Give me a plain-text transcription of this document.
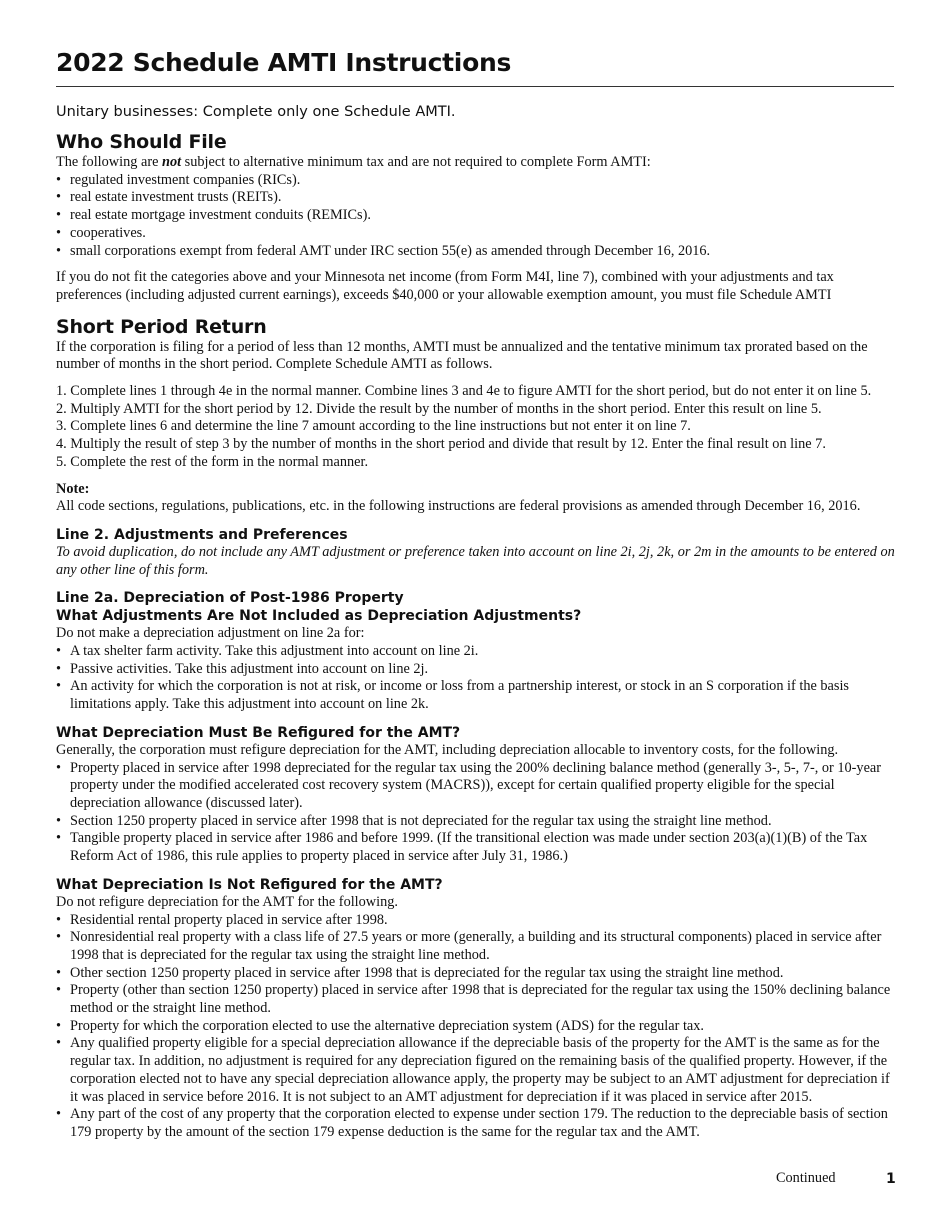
2022 Schedule AMTI Instructions
Unitary businesses: Complete only one Schedule AMTI.
Who Should File

The following are not subject to alternative minimum tax and are not required to complete Form AMTI:

• regulated investment companies (RICs).
• real estate investment trusts (REITs).
• real estate mortgage investment conduits (REMICs).
• cooperatives.
• small corporations exempt from federal AMT under IRC section 55(e) as amended through December 16, 2016.

If you do not fit the categories above and your Minnesota net income (from Form M4I, line 7), combined with your adjustments and tax preferences (including adjusted current earnings), exceeds $40,000 or your allowable exemption amount, you must file Schedule AMTI

Short Period Return

If the corporation is filing for a period of less than 12 months, AMTI must be annualized and the tentative minimum tax prorated based on the number of months in the short period. Complete Schedule AMTI as follows.

1. Complete lines 1 through 4e in the normal manner. Combine lines 3 and 4e to figure AMTI for the short period, but do not enter it on line 5.
2. Multiply AMTI for the short period by 12. Divide the result by the number of months in the short period. Enter this result on line 5.
3. Complete lines 6 and determine the line 7 amount according to the line instructions but not enter it on line 7.
4. Multiply the result of step 3 by the number of months in the short period and divide that result by 12. Enter the final result on line 7.
5. Complete the rest of the form in the normal manner.

Note:

All code sections, regulations, publications, etc. in the following instructions are federal provisions as amended through December 16, 2016.

Line 2. Adjustments and Preferences

To avoid duplication, do not include any AMT adjustment or preference taken into account on line 2i, 2j, 2k, or 2m in the amounts to be entered on any other line of this form.

Line 2a. Depreciation of Post-1986 Property
What Adjustments Are Not Included as Depreciation Adjustments?

Do not make a depreciation adjustment on line 2a for:

• A tax shelter farm activity. Take this adjustment into account on line 2i.
• Passive activities. Take this adjustment into account on line 2j.
• An activity for which the corporation is not at risk, or income or loss from a partnership interest, or stock in an S corporation if the basis limitations apply. Take this adjustment into account on line 2k.
What Depreciation Must Be Refigured for the AMT?

Generally, the corporation must refigure depreciation for the AMT, including depreciation allocable to inventory costs, for the following.

• Property placed in service after 1998 depreciated for the regular tax using the 200% declining balance method (generally 3-, 5-, 7-, or 10-year property under the modified accelerated cost recovery system (MACRS)), except for certain qualified property eligible for the special depreciation allowance (discussed later).
• Section 1250 property placed in service after 1998 that is not depreciated for the regular tax using the straight line method.
• Tangible property placed in service after 1986 and before 1999. (If the transitional election was made under section 203(a)(1)(B) of the Tax Reform Act of 1986, this rule applies to property placed in service after July 31, 1986.)
What Depreciation Is Not Refigured for the AMT?

Do not refigure depreciation for the AMT for the following.

• Residential rental property placed in service after 1998.
• Nonresidential real property with a class life of 27.5 years or more (generally, a building and its structural components) placed in service after 1998 that is depreciated for the regular tax using the straight line method.
• Other section 1250 property placed in service after 1998 that is depreciated for the regular tax using the straight line method.
• Property (other than section 1250 property) placed in service after 1998 that is depreciated for the regular tax using the 150% declining balance method or the straight line method.
• Property for which the corporation elected to use the alternative depreciation system (ADS) for the regular tax.
• Any qualified property eligible for a special depreciation allowance if the depreciable basis of the property for the AMT is the same as for the regular tax. In addition, no adjustment is required for any depreciation figured on the remaining basis of the qualified property. However, if the corporation elected not to have any special depreciation allowance apply, the property may be subject to an AMT adjustment for depreciation if it was placed in service before 2016. It is not subject to an AMT adjustment for depreciation if it was placed in service after 2015.
• Any part of the cost of any property that the corporation elected to expense under section 179. The reduction to the depreciable basis of section 179 property by the amount of the section 179 expense deduction is the same for the regular tax and the AMT.
Continued	1
